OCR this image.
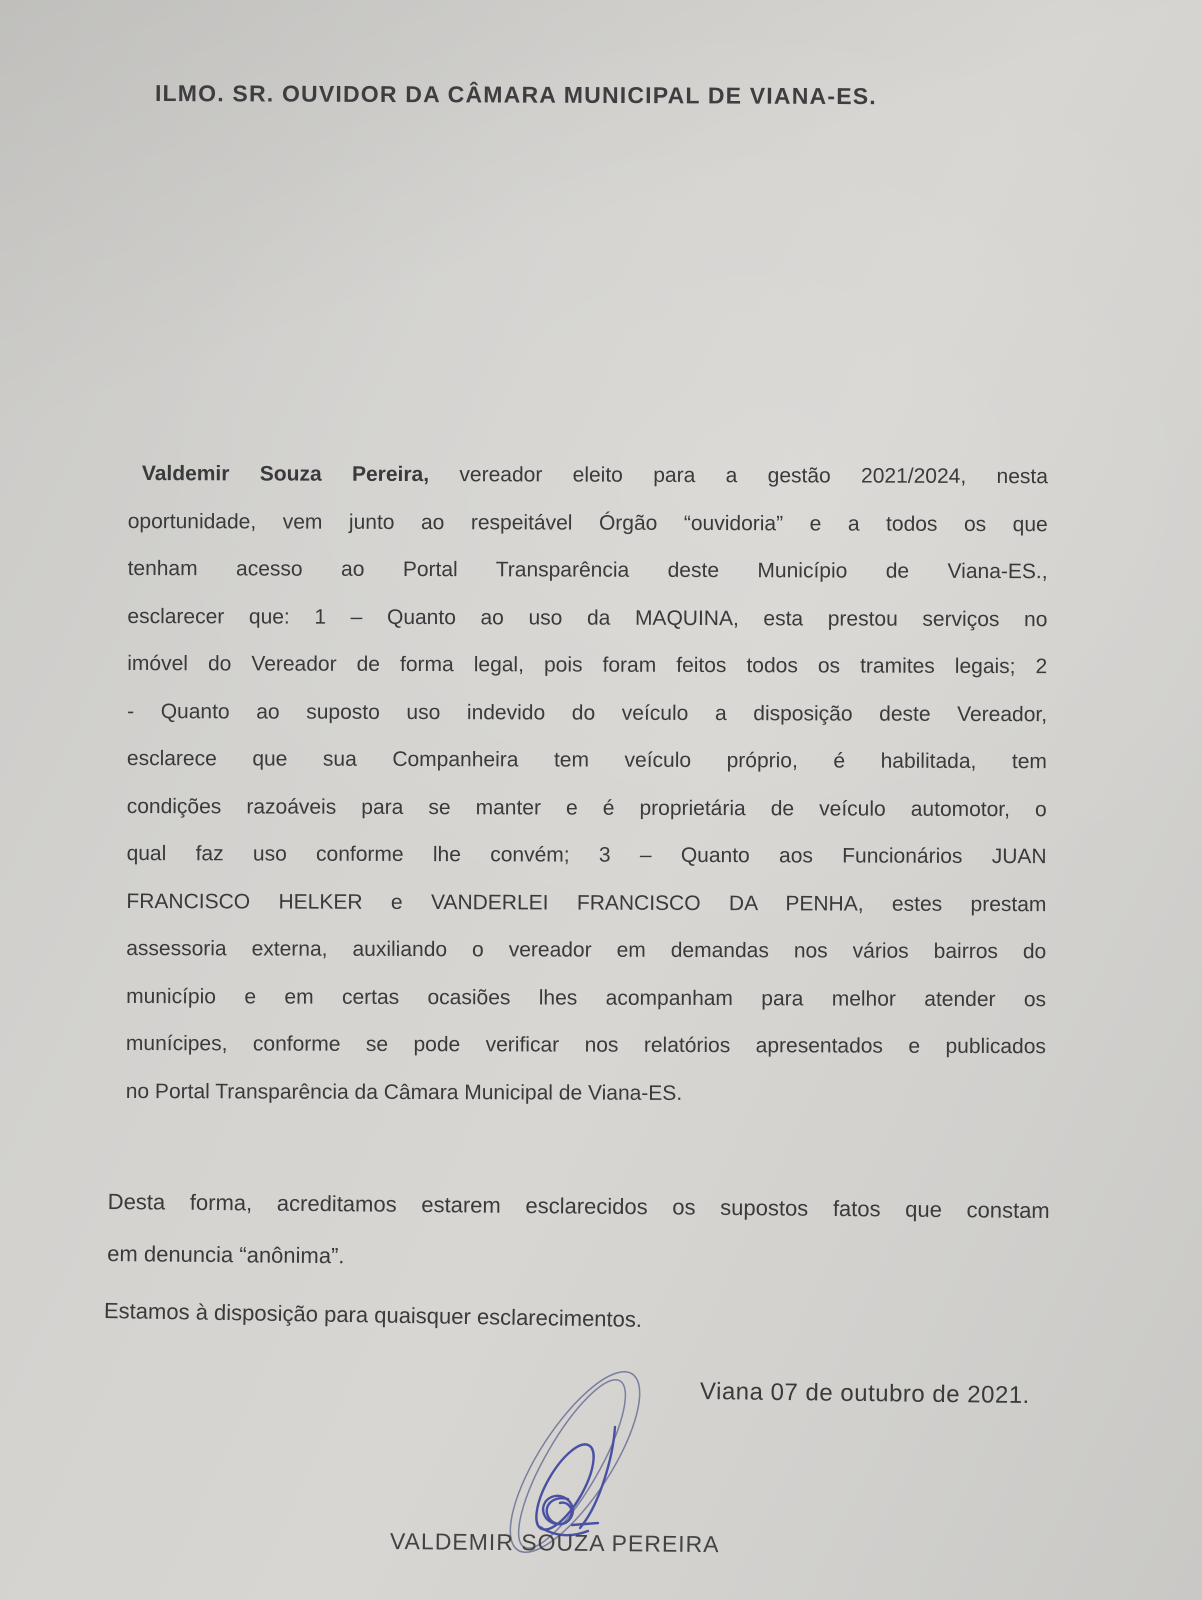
ILMO. SR. OUVIDOR DA CÂMARA MUNICIPAL DE VIANA-ES.
Valdemir Souza Pereira, vereador eleito para a gestão 2021/2024, nesta
oportunidade, vem junto ao respeitável Órgão “ouvidoria” e a todos os que
tenham acesso ao Portal Transparência deste Município de Viana-ES.,
esclarecer que: 1 – Quanto ao uso da MAQUINA, esta prestou serviços no
imóvel do Vereador de forma legal, pois foram feitos todos os tramites legais; 2
- Quanto ao suposto uso indevido do veículo a disposição deste Vereador,
esclarece que sua Companheira tem veículo próprio, é habilitada, tem
condições razoáveis para se manter e é proprietária de veículo automotor, o
qual faz uso conforme lhe convém; 3 – Quanto aos Funcionários JUAN
FRANCISCO HELKER e VANDERLEI FRANCISCO DA PENHA, estes prestam
assessoria externa, auxiliando o vereador em demandas nos vários bairros do
município e em certas ocasiões lhes acompanham para melhor atender os
munícipes, conforme se pode verificar nos relatórios apresentados e publicados
no Portal Transparência da Câmara Municipal de Viana-ES.
Desta forma, acreditamos estarem esclarecidos os supostos fatos que constam
em denuncia “anônima”.
Estamos à disposição para quaisquer esclarecimentos.
Viana 07 de outubro de 2021.
VALDEMIR SOUZA PEREIRA
